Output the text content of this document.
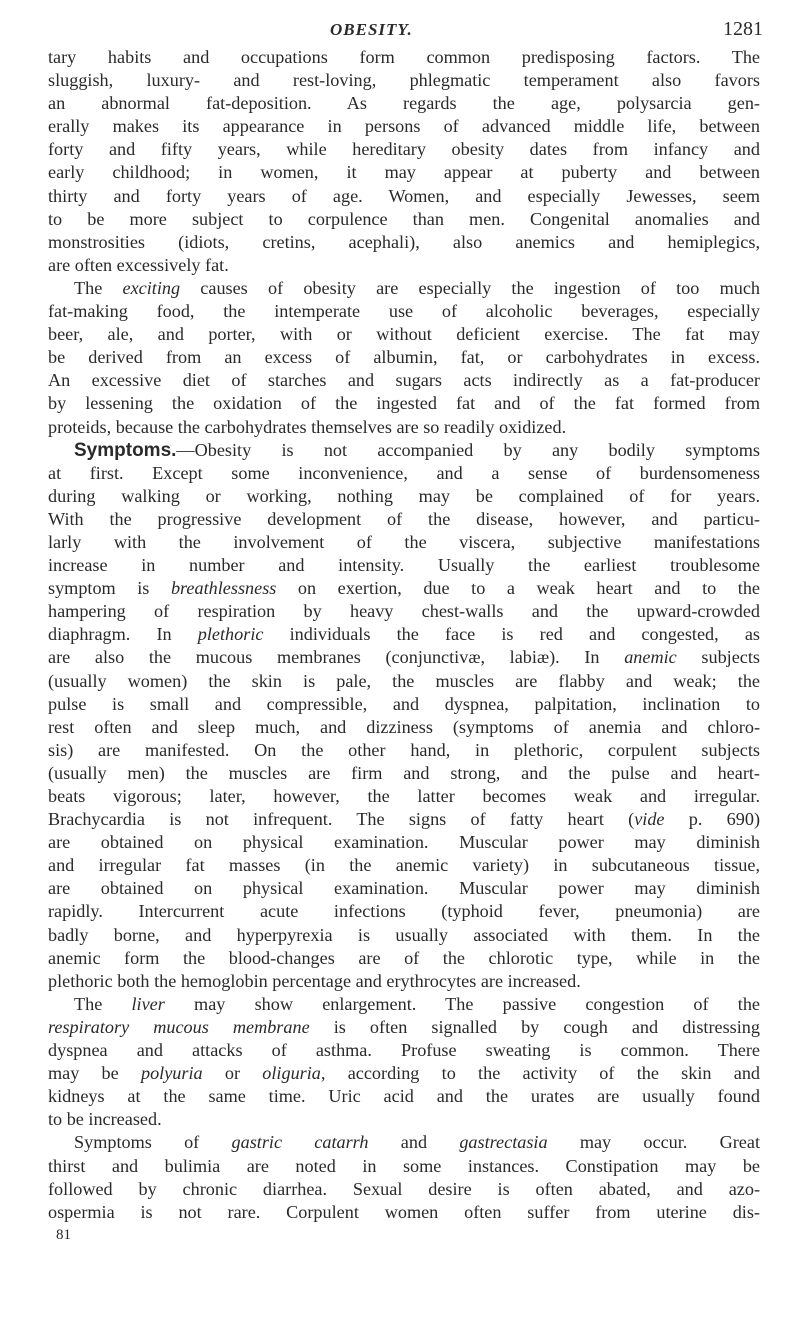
OBESITY.	1281
tary habits and occupations form common predisposing factors. The
sluggish, luxury- and rest-loving, phlegmatic temperament also favors
an abnormal fat-deposition. As regards the age, polysarcia gen-
erally makes its appearance in persons of advanced middle life, between
forty and fifty years, while hereditary obesity dates from infancy and
early childhood; in women, it may appear at puberty and between
thirty and forty years of age. Women, and especially Jewesses, seem
to be more subject to corpulence than men. Congenital anomalies and
monstrosities (idiots, cretins, acephali), also anemics and hemiplegics,
are often excessively fat.
The exciting causes of obesity are especially the ingestion of too much
fat-making food, the intemperate use of alcoholic beverages, especially
beer, ale, and porter, with or without deficient exercise. The fat may
be derived from an excess of albumin, fat, or carbohydrates in excess.
An excessive diet of starches and sugars acts indirectly as a fat-producer
by lessening the oxidation of the ingested fat and of the fat formed from
proteids, because the carbohydrates themselves are so readily oxidized.
Symptoms.—Obesity is not accompanied by any bodily symptoms
at first. Except some inconvenience, and a sense of burdensomeness
during walking or working, nothing may be complained of for years.
With the progressive development of the disease, however, and particu-
larly with the involvement of the viscera, subjective manifestations
increase in number and intensity. Usually the earliest troublesome
symptom is breathlessness on exertion, due to a weak heart and to the
hampering of respiration by heavy chest-walls and the upward-crowded
diaphragm. In plethoric individuals the face is red and congested, as
are also the mucous membranes (conjunctivæ, labiæ). In anemic subjects
(usually women) the skin is pale, the muscles are flabby and weak; the
pulse is small and compressible, and dyspnea, palpitation, inclination to
rest often and sleep much, and dizziness (symptoms of anemia and chloro-
sis) are manifested. On the other hand, in plethoric, corpulent subjects
(usually men) the muscles are firm and strong, and the pulse and heart-
beats vigorous; later, however, the latter becomes weak and irregular.
Brachycardia is not infrequent. The signs of fatty heart (vide p. 690)
are obtained on physical examination. Muscular power may diminish
and irregular fat masses (in the anemic variety) in subcutaneous tissue,
are obtained on physical examination. Muscular power may diminish
rapidly. Intercurrent acute infections (typhoid fever, pneumonia) are
badly borne, and hyperpyrexia is usually associated with them. In the
anemic form the blood-changes are of the chlorotic type, while in the
plethoric both the hemoglobin percentage and erythrocytes are increased.
The liver may show enlargement. The passive congestion of the
respiratory mucous membrane is often signalled by cough and distressing
dyspnea and attacks of asthma. Profuse sweating is common. There
may be polyuria or oliguria, according to the activity of the skin and
kidneys at the same time. Uric acid and the urates are usually found
to be increased.
Symptoms of gastric catarrh and gastrectasia may occur. Great
thirst and bulimia are noted in some instances. Constipation may be
followed by chronic diarrhea. Sexual desire is often abated, and azo-
ospermia is not rare. Corpulent women often suffer from uterine dis-
81
